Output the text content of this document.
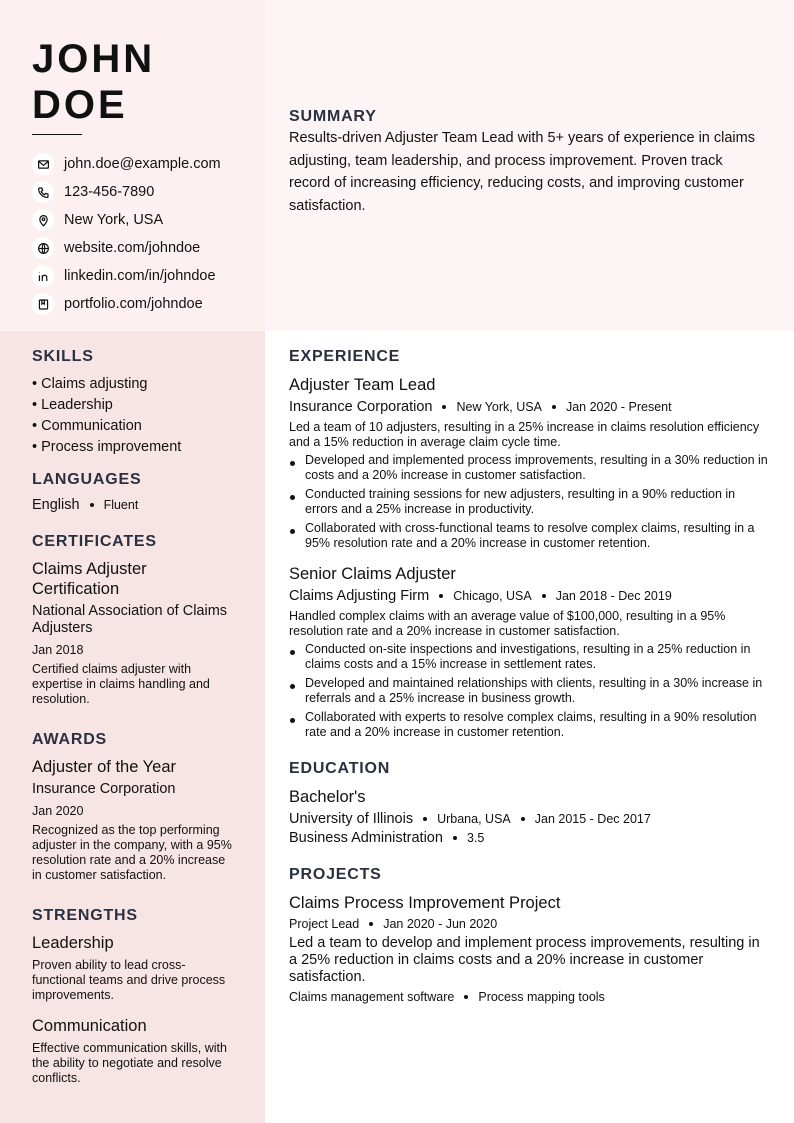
JOHN
DOE
john.doe@example.com
123-456-7890
New York, USA
website.com/johndoe
linkedin.com/in/johndoe
portfolio.com/johndoe
SUMMARY

Results-driven Adjuster Team Lead with 5+ years of experience in claims adjusting, team leadership, and process improvement. Proven track record of increasing efficiency, reducing costs, and improving customer satisfaction.

SKILLS
• Claims adjusting
• Leadership
• Communication
• Process improvement
LANGUAGES
English Fluent
CERTIFICATES
Claims Adjuster Certification
National Association of Claims Adjusters
Jan 2018
Certified claims adjuster with expertise in claims handling and resolution.
AWARDS
Adjuster of the Year
Insurance Corporation
Jan 2020
Recognized as the top performing adjuster in the company, with a 95% resolution rate and a 20% increase in customer satisfaction.
STRENGTHS
Leadership
Proven ability to lead cross-functional teams and drive process improvements.
Communication
Effective communication skills, with the ability to negotiate and resolve conflicts.
EXPERIENCE
Adjuster Team Lead
Insurance Corporation New York, USA Jan 2020 - Present
Led a team of 10 adjusters, resulting in a 25% increase in claims resolution efficiency and a 15% reduction in average claim cycle time.
Developed and implemented process improvements, resulting in a 30% reduction in costs and a 20% increase in customer satisfaction.
Conducted training sessions for new adjusters, resulting in a 90% reduction in errors and a 25% increase in productivity.
Collaborated with cross-functional teams to resolve complex claims, resulting in a 95% resolution rate and a 20% increase in customer retention.
Senior Claims Adjuster
Claims Adjusting Firm Chicago, USA Jan 2018 - Dec 2019
Handled complex claims with an average value of $100,000, resulting in a 95% resolution rate and a 20% increase in customer satisfaction.
Conducted on-site inspections and investigations, resulting in a 25% reduction in claims costs and a 15% increase in settlement rates.
Developed and maintained relationships with clients, resulting in a 30% increase in referrals and a 25% increase in business growth.
Collaborated with experts to resolve complex claims, resulting in a 90% resolution rate and a 20% increase in customer retention.
EDUCATION
Bachelor's
University of Illinois Urbana, USA Jan 2015 - Dec 2017
Business Administration 3.5
PROJECTS
Claims Process Improvement Project
Project Lead Jan 2020 - Jun 2020
Led a team to develop and implement process improvements, resulting in a 25% reduction in claims costs and a 20% increase in customer satisfaction.
Claims management software Process mapping tools
